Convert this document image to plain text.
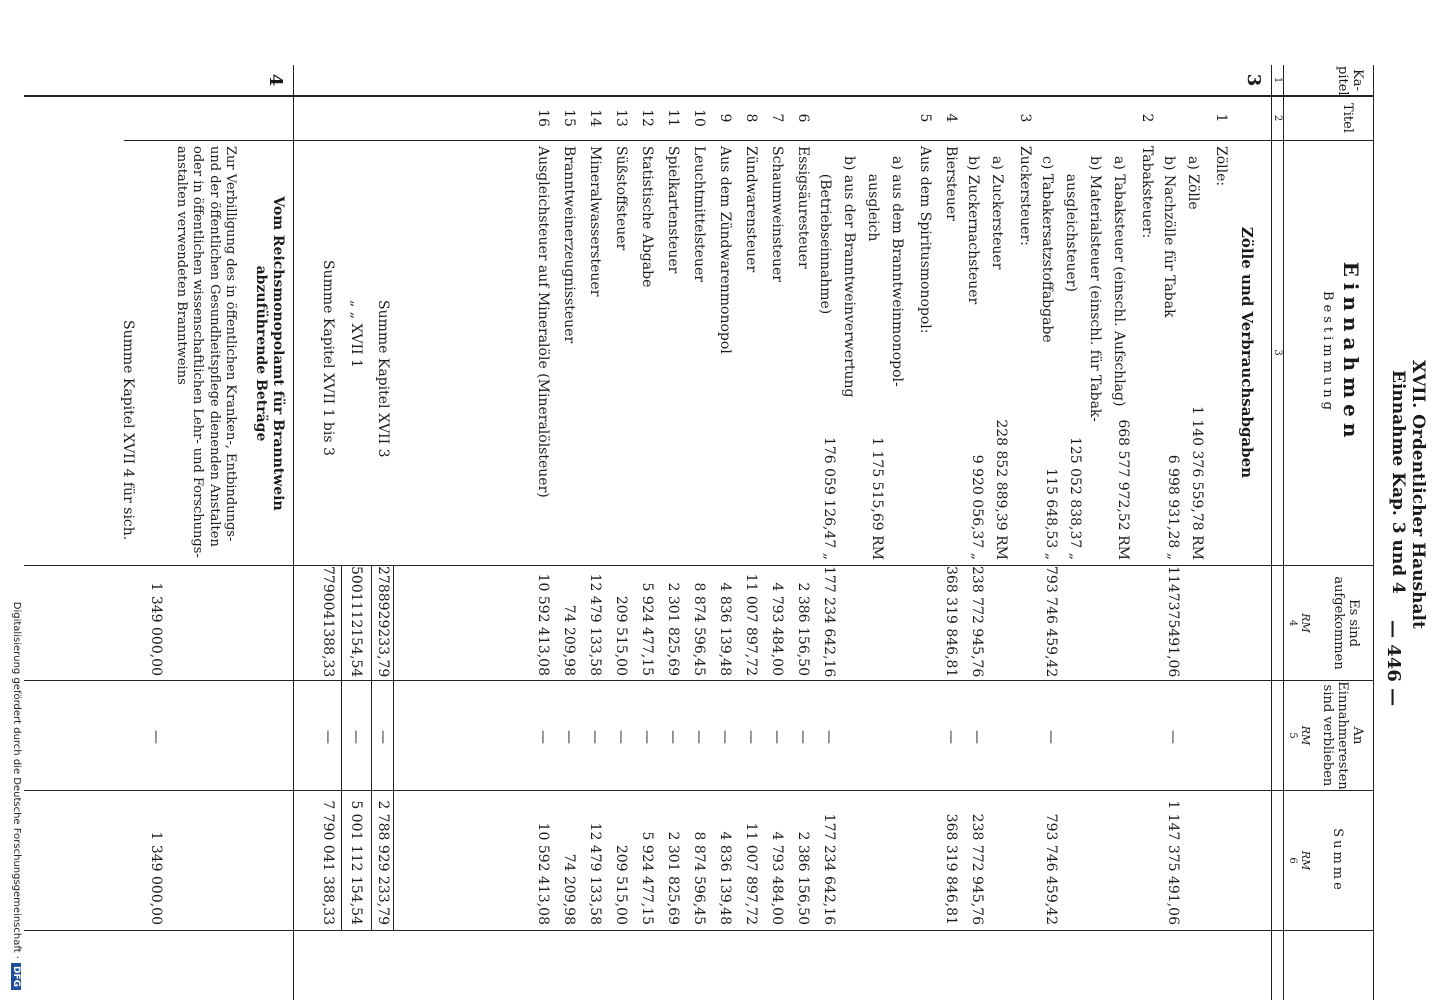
XVII. Ordentlicher Haushalt
Einnahme Kap. 3 und 4
— 446 —
Ka-
pitel
Titel
Einnahmen
Bestimmung
Es sind
aufgekommen
An
Einnahmeresten
sind verblieben
Summe
RM
RM
RM
1
2
3
4
5
6
3
Zölle und Verbrauchsabgaben
1
Zölle:
a) Zölle
1 140 376 559,78 RM
b) Nachzölle für Tabak
6 998 931,28 „
1147375491,06
—
1 147 375 491,06
2
Tabaksteuer:
a) Tabaksteuer (einschl. Aufschlag)
668 577 972,52 RM
b) Materialsteuer (einschl. für Tabak-
ausgleichsteuer)
125 052 838,37 „
c) Tabakersatzstoffabgabe
115 648,53 „
793 746 459,42
—
793 746 459,42
3
Zuckersteuer:
a) Zuckersteuer
228 852 889,39 RM
b) Zuckernachsteuer
9 920 056,37 „
238 772 945,76
—
238 772 945,76
4
Biersteuer
368 319 846,81
—
368 319 846,81
5
Aus dem Spiritusmonopol:
a) aus dem Branntweinmonopol-
ausgleich
1 175 515,69 RM
b) aus der Branntweinverwertung
(Betriebseinnahme)
176 059 126,47 „
177 234 642,16
—
177 234 642,16
6
Essigsäuresteuer
2 386 156,50
—
2 386 156,50
7
Schaumweinsteuer
4 793 484,00
—
4 793 484,00
8
Zündwarensteuer
11 007 897,72
—
11 007 897,72
9
Aus dem Zündwarenmonopol
4 836 139,48
—
4 836 139,48
10
Leuchtmittelsteuer
8 874 596,45
—
8 874 596,45
11
Spielkartensteuer
2 301 825,69
—
2 301 825,69
12
Statistische Abgabe
5 924 477,15
—
5 924 477,15
13
Süßstoffsteuer
209 515,00
—
209 515,00
14
Mineralwassersteuer
12 479 133,58
—
12 479 133,58
15
Branntweinerzeugnissteuer
74 209,98
—
74 209,98
16
Ausgleichsteuer auf Mineralöle (Mineralölsteuer)
10 592 413,08
—
10 592 413,08
Summe Kapitel XVII 3
2788929233,79
—
2 788 929 233,79
„ „ XVII 1
5001112154,54
—
5 001 112 154,54
Summe Kapitel XVII 1 bis 3
7790041388,33
—
7 790 041 388,33
4
Vom Reichsmonopolamt für Branntwein abzuführende Beträge
Zur Verbilligung des in öffentlichen Kranken-, Entbindungs- und der öffentlichen Gesundheitspflege dienenden Anstalten oder in öffentlichen wissenschaftlichen Lehr- und Forschungs- anstalten verwendeten Branntweins
1 349 000,00
—
1 349 000,00
Summe Kapitel XVII 4 für sich.
Digitalisierung gefördert durch die Deutsche Forschungsgemeinschaft ·DFG
